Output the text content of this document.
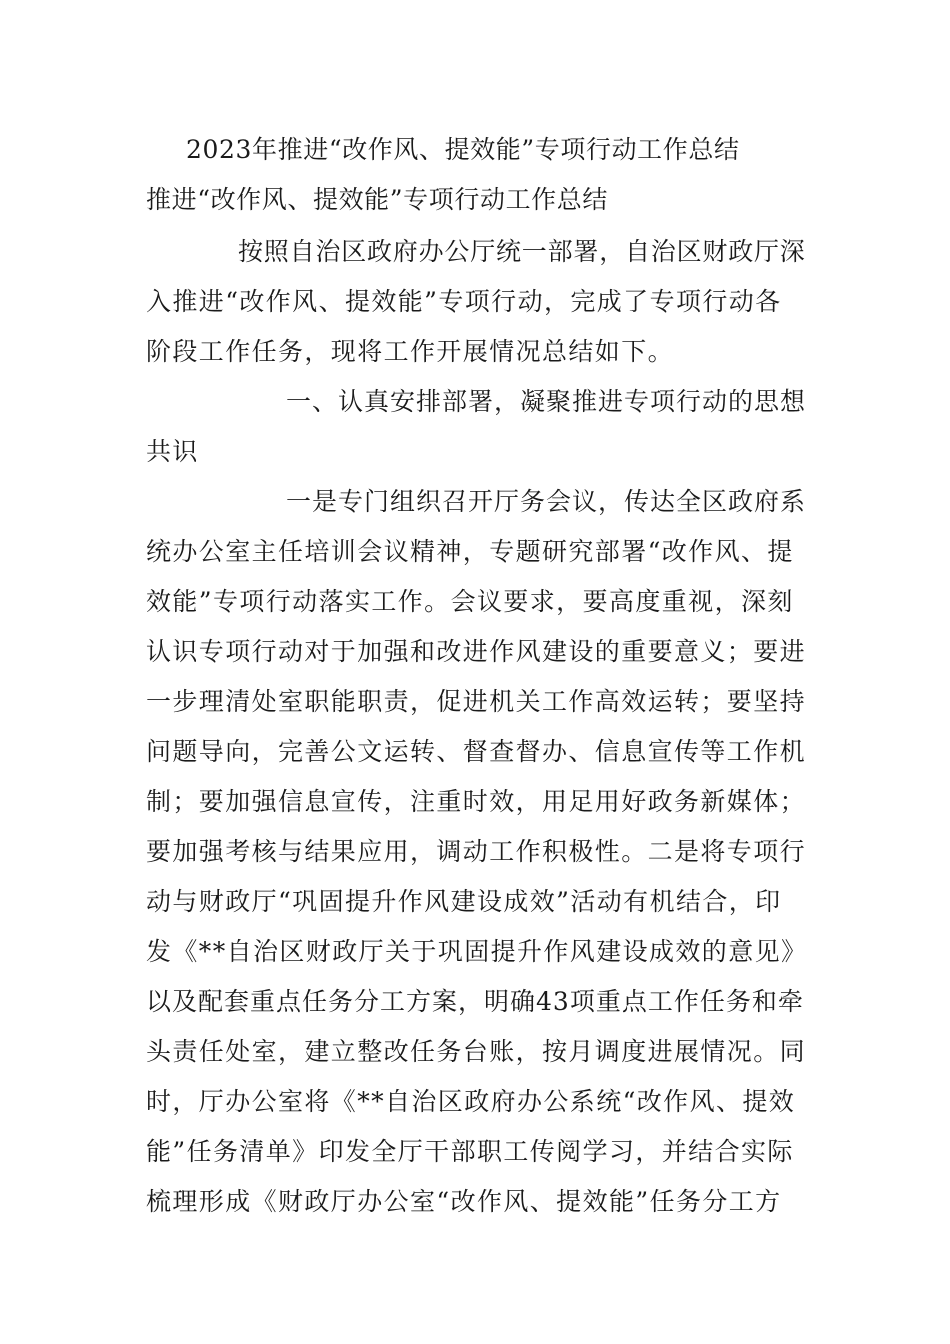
2023年推进“改作风、提效能”专项行动工作总结
推进“改作风、提效能”专项行动工作总结
按照自治区政府办公厅统一部署，自治区财政厅深
入推进“改作风、提效能”专项行动，完成了专项行动各
阶段工作任务，现将工作开展情况总结如下。
一、认真安排部署，凝聚推进专项行动的思想
共识
一是专门组织召开厅务会议，传达全区政府系
统办公室主任培训会议精神，专题研究部署“改作风、提
效能”专项行动落实工作。会议要求，要高度重视，深刻
认识专项行动对于加强和改进作风建设的重要意义；要进
一步理清处室职能职责，促进机关工作高效运转；要坚持
问题导向，完善公文运转、督查督办、信息宣传等工作机
制；要加强信息宣传，注重时效，用足用好政务新媒体；
要加强考核与结果应用，调动工作积极性。二是将专项行
动与财政厅“巩固提升作风建设成效”活动有机结合，印
发《**自治区财政厅关于巩固提升作风建设成效的意见》
以及配套重点任务分工方案，明确43项重点工作任务和牵
头责任处室，建立整改任务台账，按月调度进展情况。同
时，厅办公室将《**自治区政府办公系统“改作风、提效
能”任务清单》印发全厅干部职工传阅学习，并结合实际
梳理形成《财政厅办公室“改作风、提效能”任务分工方
